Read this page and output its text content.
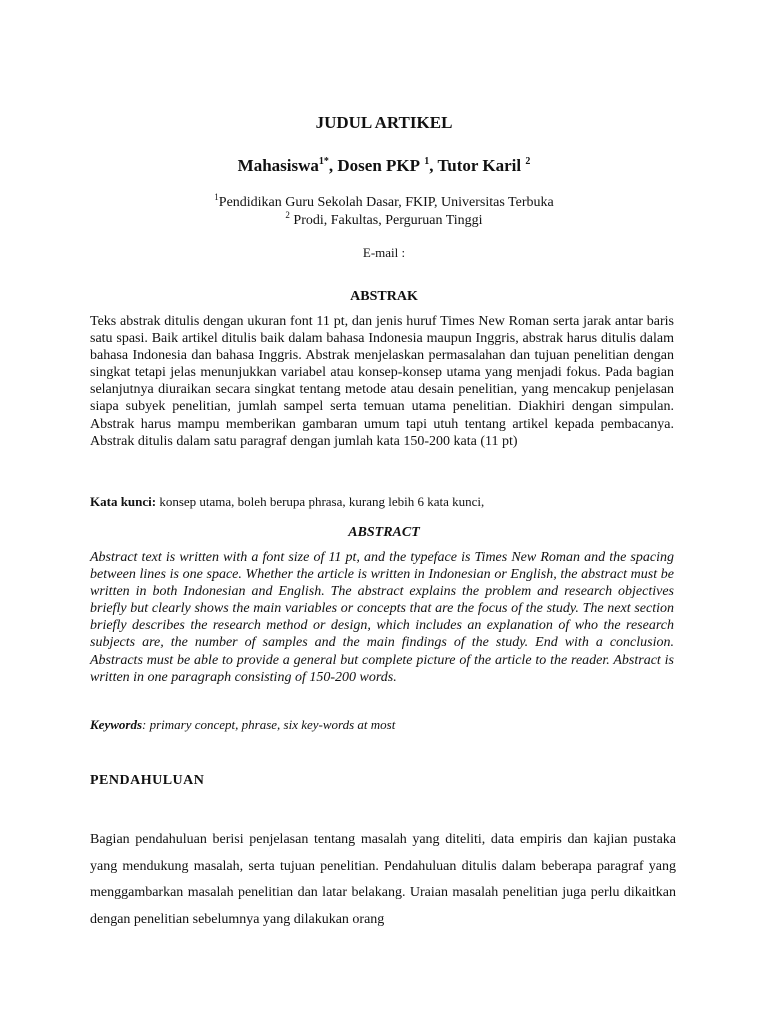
JUDUL ARTIKEL
Mahasiswa$^{1*}$, Dosen PKP $^1$, Tutor Karil $^2$
$^1$Pendidikan Guru Sekolah Dasar, FKIP, Universitas Terbuka
$^2$ Prodi, Fakultas, Perguruan Tinggi
E-mail :
ABSTRAK
Teks abstrak ditulis dengan ukuran font 11 pt, dan jenis huruf Times New Roman serta jarak antar baris satu spasi. Baik artikel ditulis baik dalam bahasa Indonesia maupun Inggris, abstrak harus ditulis dalam bahasa Indonesia dan bahasa Inggris. Abstrak menjelaskan permasalahan dan tujuan penelitian dengan singkat tetapi jelas menunjukkan variabel atau konsep-konsep utama yang menjadi fokus. Pada bagian selanjutnya diuraikan secara singkat tentang metode atau desain penelitian, yang mencakup penjelasan siapa subyek penelitian, jumlah sampel serta temuan utama penelitian. Diakhiri dengan simpulan. Abstrak harus mampu memberikan gambaran umum tapi utuh tentang artikel kepada pembacanya. Abstrak ditulis dalam satu paragraf dengan jumlah kata 150-200 kata (11 pt)
Kata kunci: konsep utama, boleh berupa phrasa, kurang lebih 6 kata kunci,
ABSTRACT
Abstract text is written with a font size of 11 pt, and the typeface is Times New Roman and the spacing between lines is one space. Whether the article is written in Indonesian or English, the abstract must be written in both Indonesian and English. The abstract explains the problem and research objectives briefly but clearly shows the main variables or concepts that are the focus of the study. The next section briefly describes the research method or design, which includes an explanation of who the research subjects are, the number of samples and the main findings of the study. End with a conclusion. Abstracts must be able to provide a general but complete picture of the article to the reader. Abstract is written in one paragraph consisting of 150-200 words.
Keywords: primary concept, phrase, six key-words at most
PENDAHULUAN
Bagian pendahuluan berisi penjelasan tentang masalah yang diteliti, data empiris dan kajian pustaka yang mendukung masalah, serta tujuan penelitian. Pendahuluan ditulis dalam beberapa paragraf yang menggambarkan masalah penelitian dan latar belakang. Uraian masalah penelitian juga perlu dikaitkan dengan penelitian sebelumnya yang dilakukan orang
